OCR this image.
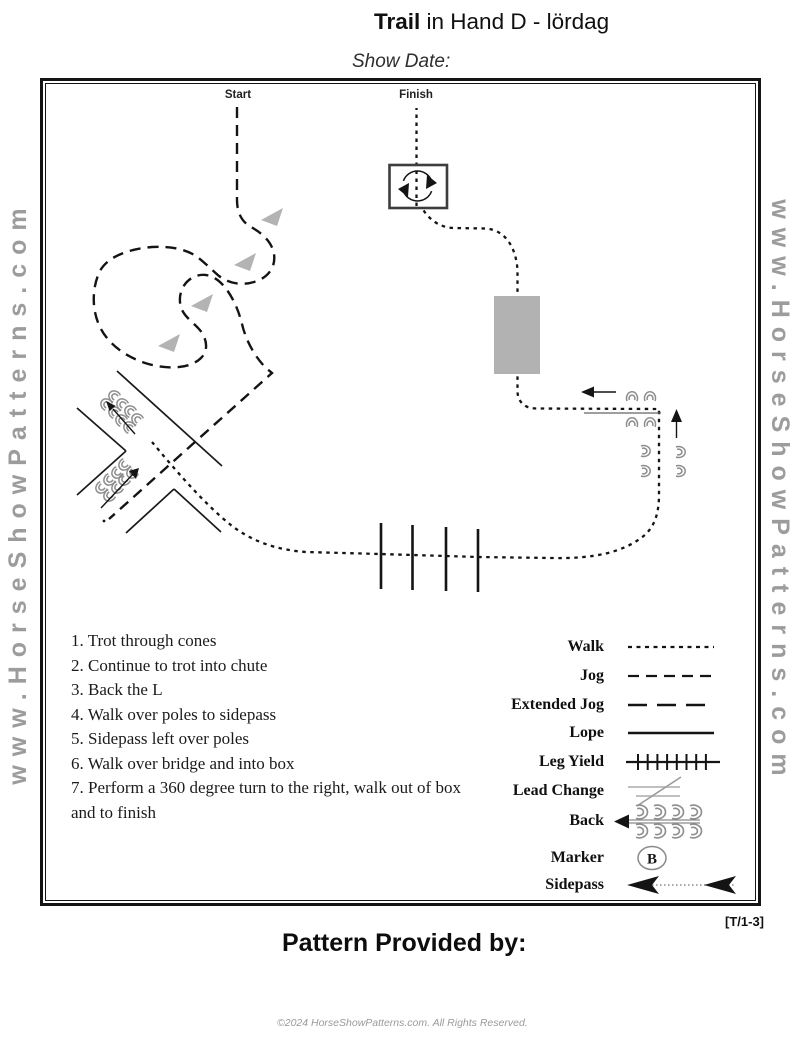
Trail in Hand D - lördag
Show Date:
www.HorseShowPatterns.com	www.HorseShowPatterns.com
B
Start	Finish
1. Trot through cones
2. Continue to trot into chute
3. Back the L
4. Walk over poles to sidepass
5. Sidepass left over poles
6. Walk over bridge and into box
7. Perform a 360 degree turn to the right, walk out of box and to finish
Walk
Jog
Extended Jog
Lope
Leg Yield
Lead Change
Back
Marker
Sidepass
[T/1-3]
Pattern Provided by:
©2024 HorseShowPatterns.com. All Rights Reserved.
